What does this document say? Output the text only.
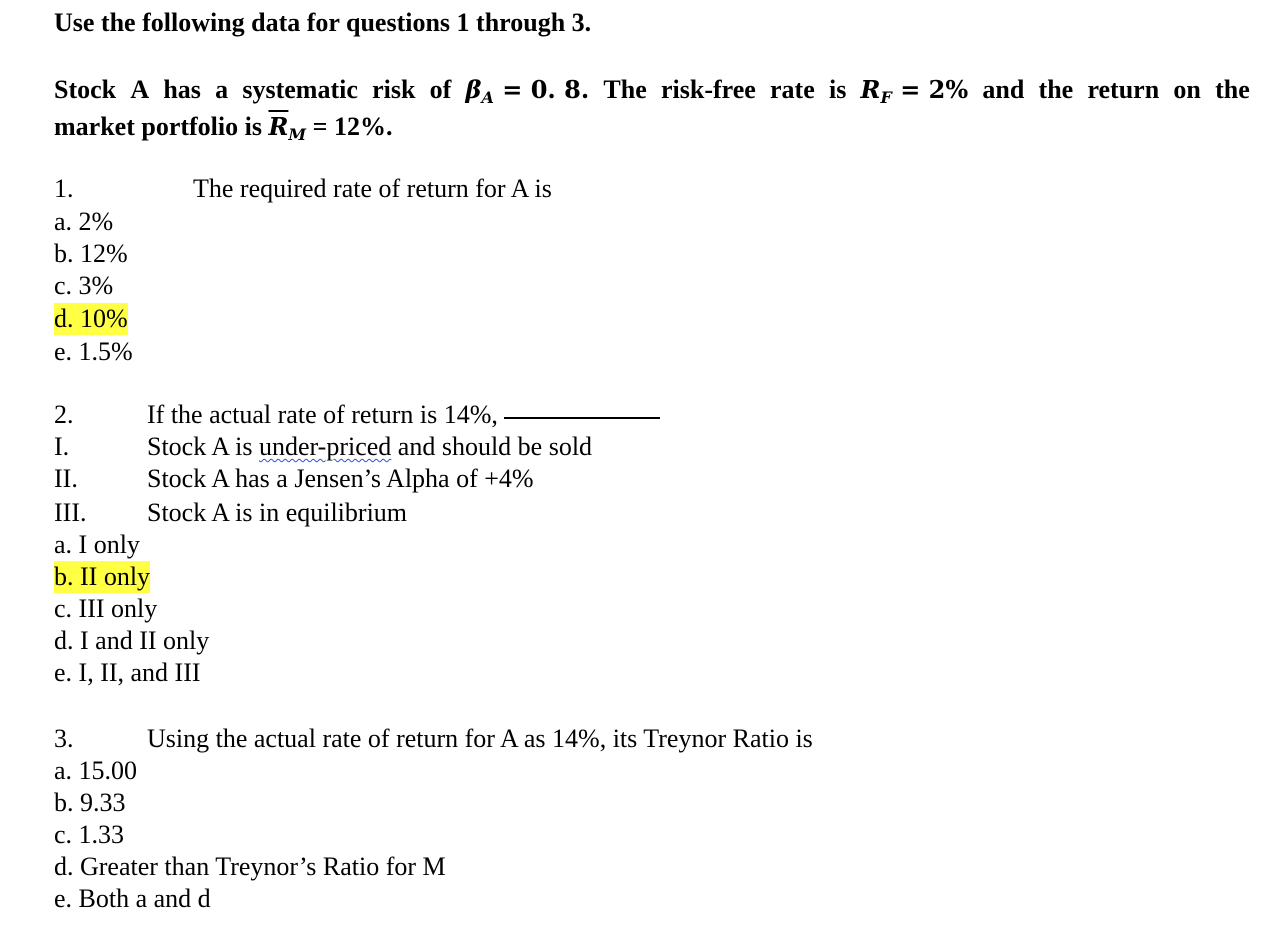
Use the following data for questions 1 through 3.
Stock A has a systematic risk of $\beta_A = 0$. 8. The risk-free rate is $R_F = 2\%$ and the return on the
market portfolio is $\overline{R}_M = 12\%$.
1.	The required rate of return for A is
a. 2%
b. 12%
c. 3%
d. 10%
e. 1.5%
2.	If the actual rate of return is 14%,
I.	Stock A is under-priced and should be sold
II.	Stock A has a Jensen’s Alpha of +4%
III. Stock A is in equilibrium
a. I only
b. II only
c. III only
d. I and II only
e. I, II, and III
3.	Using the actual rate of return for A as 14%, its Treynor Ratio is
a. 15.00
b. 9.33
c. 1.33
d. Greater than Treynor’s Ratio for M
e. Both a and d
